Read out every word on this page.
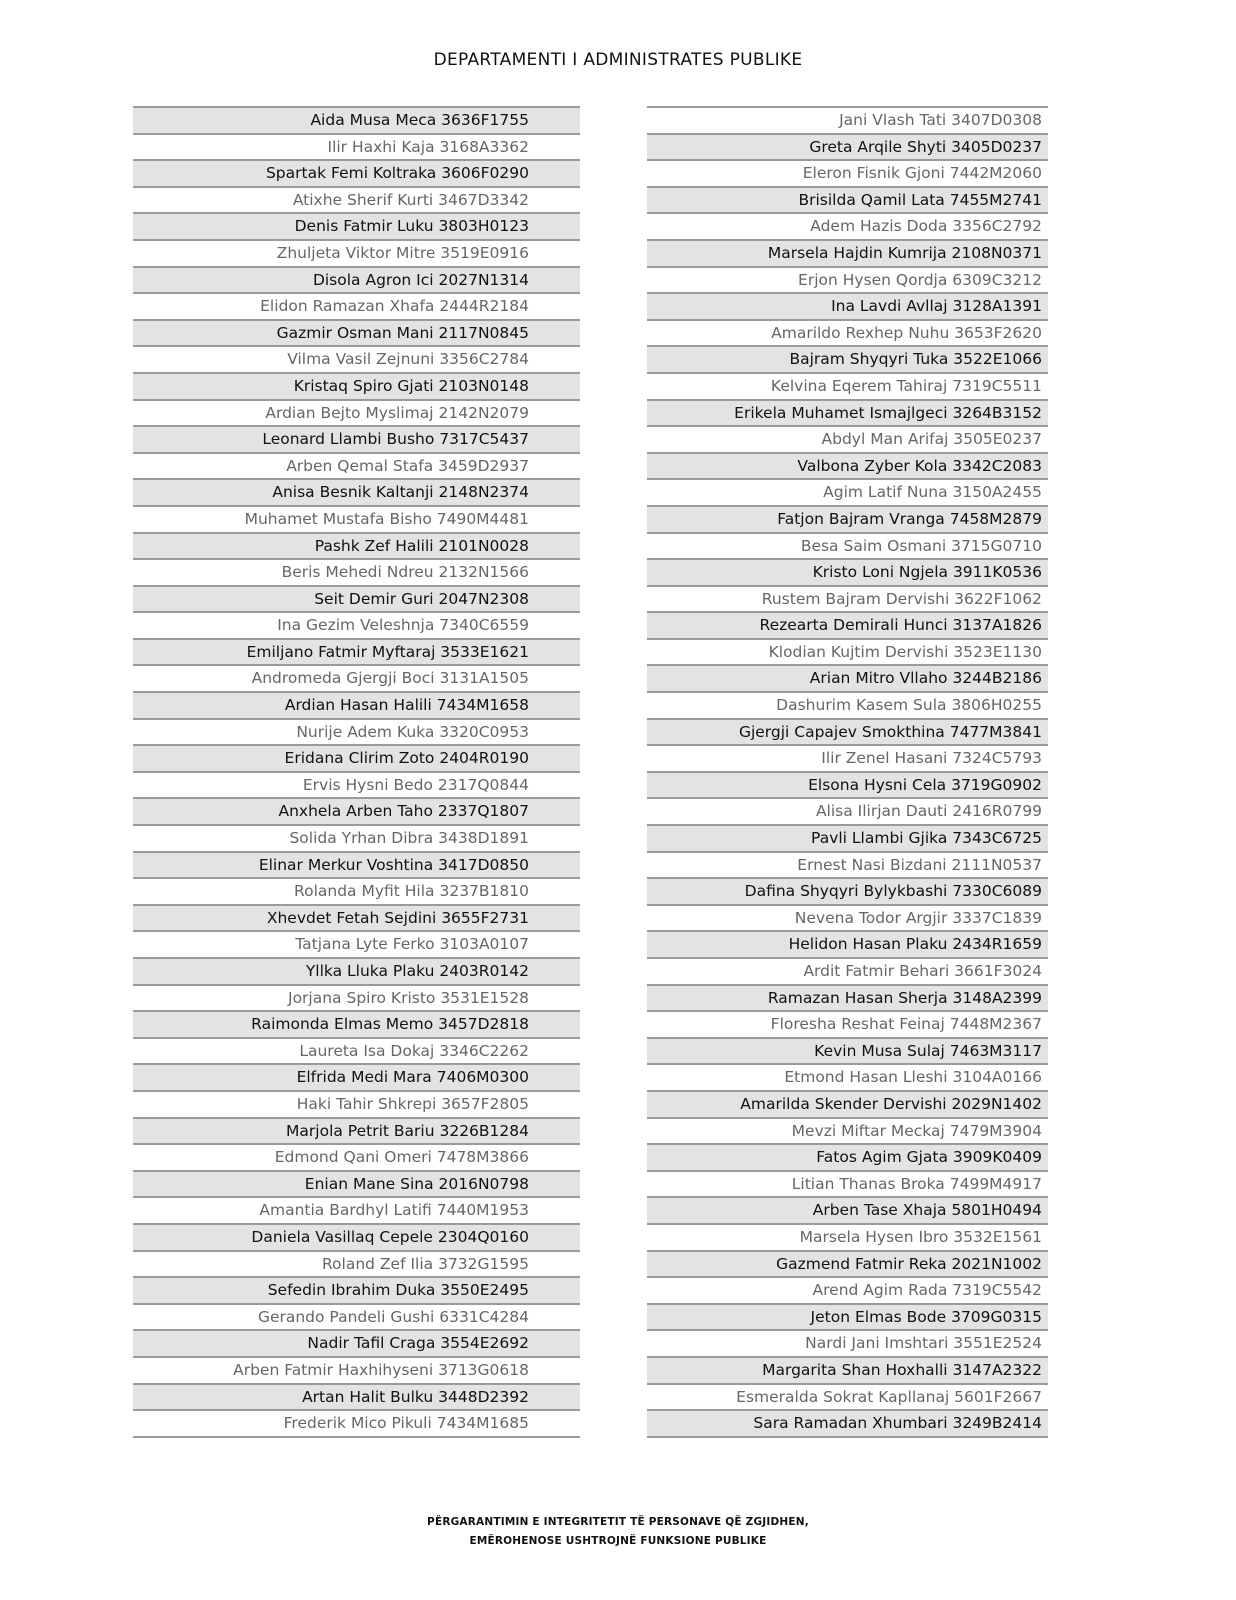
DEPARTAMENTI I ADMINISTRATES PUBLIKE
Aida Musa Meca 3636F1755
Ilir Haxhi Kaja 3168A3362
Spartak Femi Koltraka 3606F0290
Atixhe Sherif Kurti 3467D3342
Denis Fatmir Luku 3803H0123
Zhuljeta Viktor Mitre 3519E0916
Disola Agron Ici 2027N1314
Elidon Ramazan Xhafa 2444R2184
Gazmir Osman Mani 2117N0845
Vilma Vasil Zejnuni 3356C2784
Kristaq Spiro Gjati 2103N0148
Ardian Bejto Myslimaj 2142N2079
Leonard Llambi Busho 7317C5437
Arben Qemal Stafa 3459D2937
Anisa Besnik Kaltanji 2148N2374
Muhamet Mustafa Bisho 7490M4481
Pashk Zef Halili 2101N0028
Beris Mehedi Ndreu 2132N1566
Seit Demir Guri 2047N2308
Ina Gezim Veleshnja 7340C6559
Emiljano Fatmir Myftaraj 3533E1621
Andromeda Gjergji Boci 3131A1505
Ardian Hasan Halili 7434M1658
Nurije Adem Kuka 3320C0953
Eridana Clirim Zoto 2404R0190
Ervis Hysni Bedo 2317Q0844
Anxhela Arben Taho 2337Q1807
Solida Yrhan Dibra 3438D1891
Elinar Merkur Voshtina 3417D0850
Rolanda Myfit Hila 3237B1810
Xhevdet Fetah Sejdini 3655F2731
Tatjana Lyte Ferko 3103A0107
Yllka Lluka Plaku 2403R0142
Jorjana Spiro Kristo 3531E1528
Raimonda Elmas Memo 3457D2818
Laureta Isa Dokaj 3346C2262
Elfrida Medi Mara 7406M0300
Haki Tahir Shkrepi 3657F2805
Marjola Petrit Bariu 3226B1284
Edmond Qani Omeri 7478M3866
Enian Mane Sina 2016N0798
Amantia Bardhyl Latifi 7440M1953
Daniela Vasillaq Cepele 2304Q0160
Roland Zef Ilia 3732G1595
Sefedin Ibrahim Duka 3550E2495
Gerando Pandeli Gushi 6331C4284
Nadir Tafil Craga 3554E2692
Arben Fatmir Haxhihyseni 3713G0618
Artan Halit Bulku 3448D2392
Frederik Mico Pikuli 7434M1685
Jani Vlash Tati 3407D0308
Greta Arqile Shyti 3405D0237
Eleron Fisnik Gjoni 7442M2060
Brisilda Qamil Lata 7455M2741
Adem Hazis Doda 3356C2792
Marsela Hajdin Kumrija 2108N0371
Erjon Hysen Qordja 6309C3212
Ina Lavdi Avllaj 3128A1391
Amarildo Rexhep Nuhu 3653F2620
Bajram Shyqyri Tuka 3522E1066
Kelvina Eqerem Tahiraj 7319C5511
Erikela Muhamet Ismajlgeci 3264B3152
Abdyl Man Arifaj 3505E0237
Valbona Zyber Kola 3342C2083
Agim Latif Nuna 3150A2455
Fatjon Bajram Vranga 7458M2879
Besa Saim Osmani 3715G0710
Kristo Loni Ngjela 3911K0536
Rustem Bajram Dervishi 3622F1062
Rezearta Demirali Hunci 3137A1826
Klodian Kujtim Dervishi 3523E1130
Arian Mitro Vllaho 3244B2186
Dashurim Kasem Sula 3806H0255
Gjergji Capajev Smokthina 7477M3841
Ilir Zenel Hasani 7324C5793
Elsona Hysni Cela 3719G0902
Alisa Ilirjan Dauti 2416R0799
Pavli Llambi Gjika 7343C6725
Ernest Nasi Bizdani 2111N0537
Dafina Shyqyri Bylykbashi 7330C6089
Nevena Todor Argjir 3337C1839
Helidon Hasan Plaku 2434R1659
Ardit Fatmir Behari 3661F3024
Ramazan Hasan Sherja 3148A2399
Floresha Reshat Feinaj 7448M2367
Kevin Musa Sulaj 7463M3117
Etmond Hasan Lleshi 3104A0166
Amarilda Skender Dervishi 2029N1402
Mevzi Miftar Meckaj 7479M3904
Fatos Agim Gjata 3909K0409
Litian Thanas Broka 7499M4917
Arben Tase Xhaja 5801H0494
Marsela Hysen Ibro 3532E1561
Gazmend Fatmir Reka 2021N1002
Arend Agim Rada 7319C5542
Jeton Elmas Bode 3709G0315
Nardi Jani Imshtari 3551E2524
Margarita Shan Hoxhalli 3147A2322
Esmeralda Sokrat Kapllanaj 5601F2667
Sara Ramadan Xhumbari 3249B2414
PËRGARANTIMIN E INTEGRITETIT TË PERSONAVE QË ZGJIDHEN,
EMËROHENOSE USHTROJNË FUNKSIONE PUBLIKE
